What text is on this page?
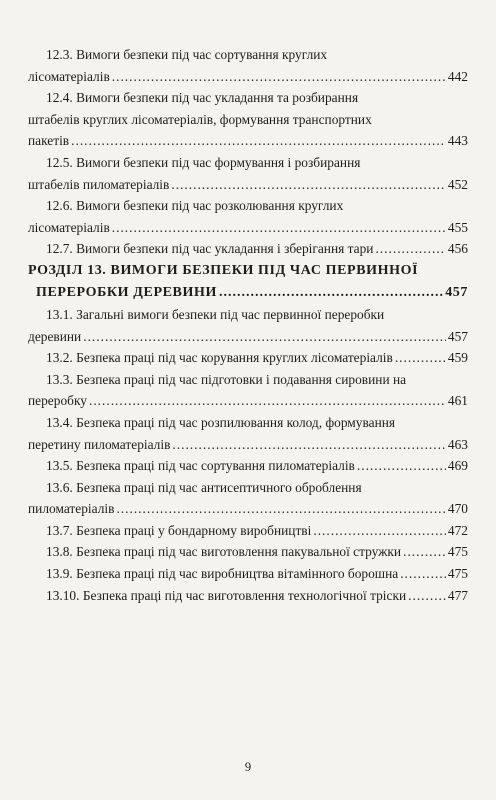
12.3. Вимоги безпеки під час сортування круглих
лісоматеріалів .....	442
12.4. Вимоги безпеки під час укладання та розбирання
штабелів круглих лісоматеріалів, формування транспортних
пакетів .....	443
12.5. Вимоги безпеки під час формування і розбирання
штабелів пиломатеріалів .....	452
12.6. Вимоги безпеки під час розколювання круглих
лісоматеріалів .....	455
12.7. Вимоги безпеки під час укладання і зберігання тари .....	456
РОЗДІЛ 13. ВИМОГИ БЕЗПЕКИ ПІД ЧАС ПЕРВИННОЇ
ПЕРЕРОБКИ ДЕРЕВИНИ .....	457
13.1. Загальні вимоги безпеки під час первинної переробки
деревини .....	457
13.2. Безпека праці під час корування круглих лісоматеріалів .....	459
13.3. Безпека праці під час підготовки і подавання сировини на
переробку .....	461
13.4. Безпека праці під час розпилювання колод, формування
перетину пиломатеріалів .....	463
13.5. Безпека праці під час сортування пиломатеріалів .....	469
13.6. Безпека праці під час антисептичного оброблення
пиломатеріалів .....	470
13.7. Безпека праці у бондарному виробництві .....	472
13.8. Безпека праці під час виготовлення пакувальної стружки .....	475
13.9. Безпека праці під час виробництва вітамінного борошна .....	475
13.10. Безпека праці під час виготовлення технологічної тріски .....	477
9
